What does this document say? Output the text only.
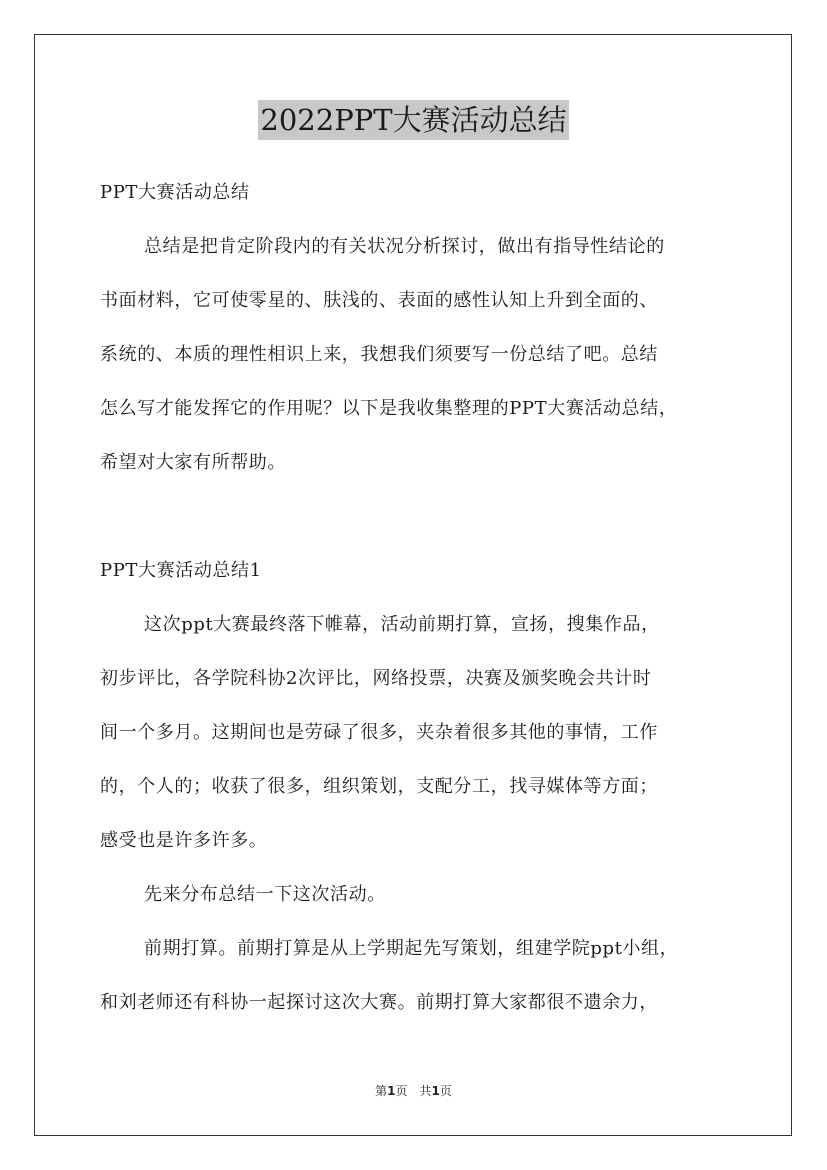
2022PPT大赛活动总结
PPT大赛活动总结
总结是把肯定阶段内的有关状况分析探讨，做出有指导性结论的
书面材料，它可使零星的、肤浅的、表面的感性认知上升到全面的、
系统的、本质的理性相识上来，我想我们须要写一份总结了吧。总结
怎么写才能发挥它的作用呢？以下是我收集整理的PPT大赛活动总结，
希望对大家有所帮助。
PPT大赛活动总结1
这次ppt大赛最终落下帷幕，活动前期打算，宣扬，搜集作品，
初步评比，各学院科协2次评比，网络投票，决赛及颁奖晚会共计时
间一个多月。这期间也是劳碌了很多，夹杂着很多其他的事情，工作
的，个人的；收获了很多，组织策划，支配分工，找寻媒体等方面；
感受也是许多许多。
先来分布总结一下这次活动。
前期打算。前期打算是从上学期起先写策划，组建学院ppt小组，
和刘老师还有科协一起探讨这次大赛。前期打算大家都很不遗余力，
第1页　共1页
